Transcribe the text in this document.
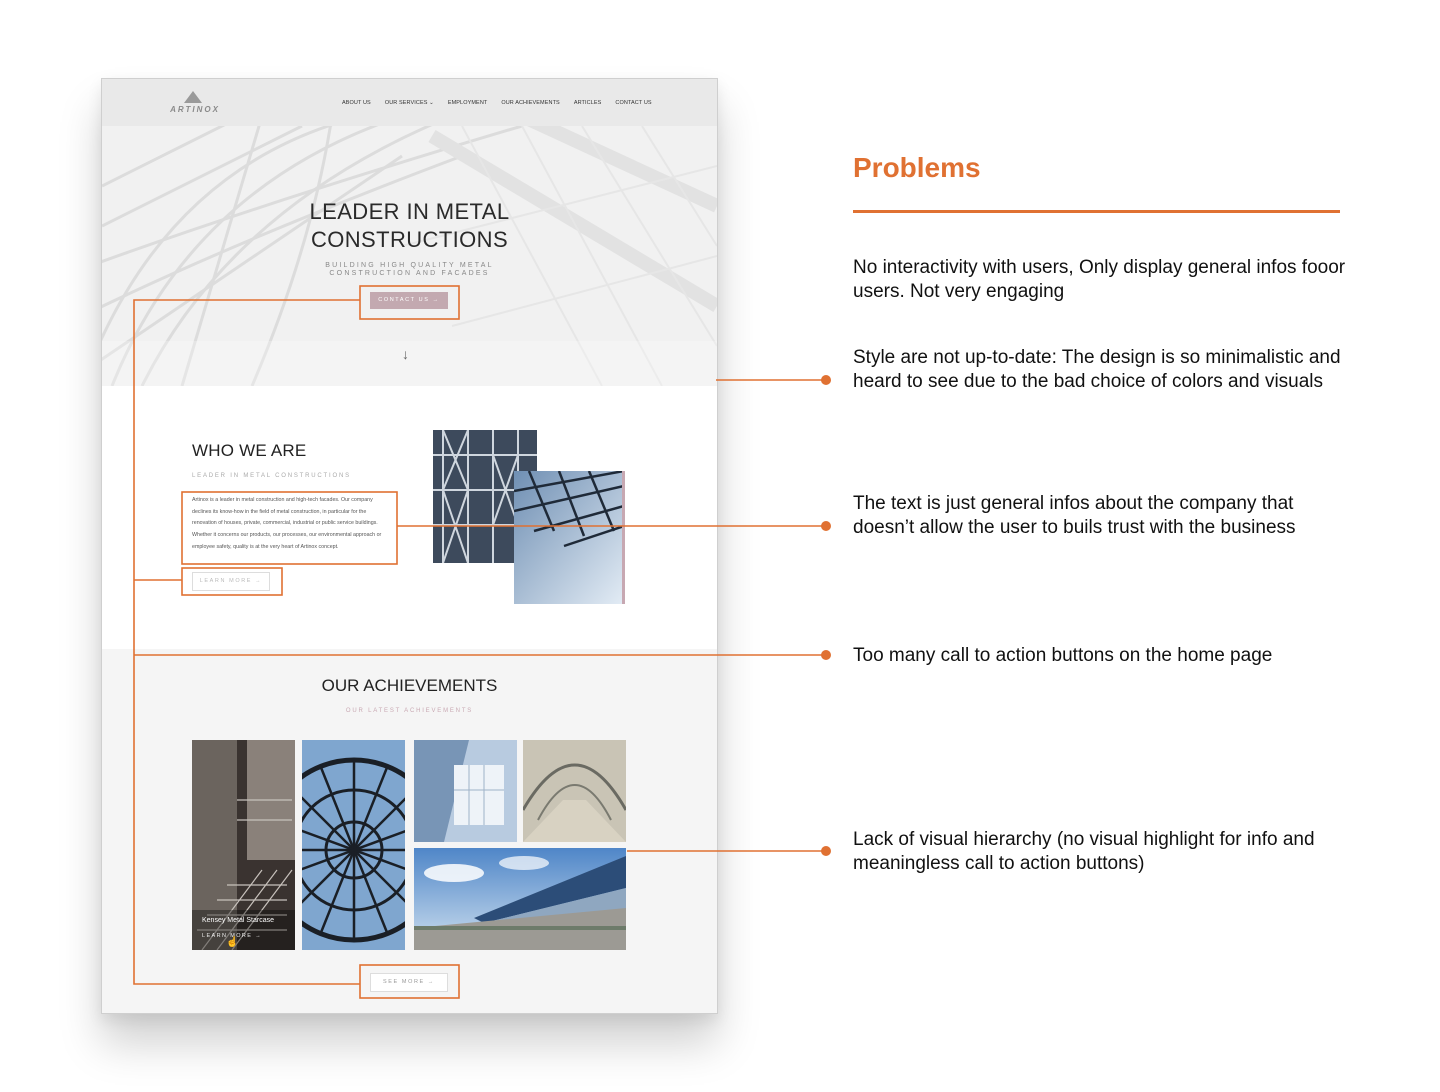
ARTINOX
ABOUT US	OUR SERVICES ⌄	EMPLOYMENT	OUR ACHIEVEMENTS	ARTICLES	CONTACT US
LEADER IN METAL
CONSTRUCTIONS
BUILDING HIGH QUALITY METAL
CONSTRUCTION AND FACADES
CONTACT US →
↓
WHO WE ARE
LEADER IN METAL CONSTRUCTIONS
Artinox is a leader in metal construction and high-tech facades. Our company declines its know-how in the field of metal construction, in particular for the renovation of houses, private, commercial, industrial or public service buildings. Whether it concerns our products, our processes, our environmental approach or employee safety, quality is at the very heart of Artinox concept.
LEARN MORE →
OUR ACHIEVEMENTS
OUR LATEST ACHIEVEMENTS
Kensey Metal Starcase
LEARN MORE →
☝
SEE MORE →
Problems
No interactivity with users, Only display general infos fooor users. Not very engaging
Style are not up-to-date: The design is so minimalistic and heard to see due to the bad choice of colors and visuals
The text is just general infos about the company that doesn’t allow the user to buils trust with the business
Too many call to action buttons on the home page
Lack of visual hierarchy (no visual highlight for info and meaningless call to action buttons)
